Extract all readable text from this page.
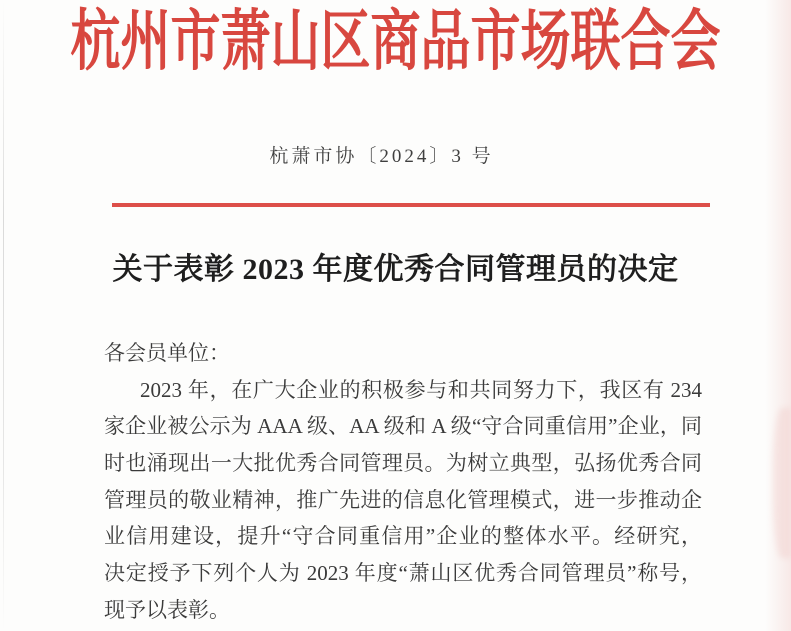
杭州市萧山区商品市场联合会
杭萧市协〔2024〕3 号
关于表彰 2023 年度优秀合同管理员的决定
各会员单位：
2023 年，在广大企业的积极参与和共同努力下，我区有 234
家企业被公示为 AAA 级、AA 级和 A 级“守合同重信用”企业，同
时也涌现出一大批优秀合同管理员。为树立典型，弘扬优秀合同
管理员的敬业精神，推广先进的信息化管理模式，进一步推动企
业信用建设，提升“守合同重信用”企业的整体水平。经研究，
决定授予下列个人为 2023 年度“萧山区优秀合同管理员”称号，
现予以表彰。
